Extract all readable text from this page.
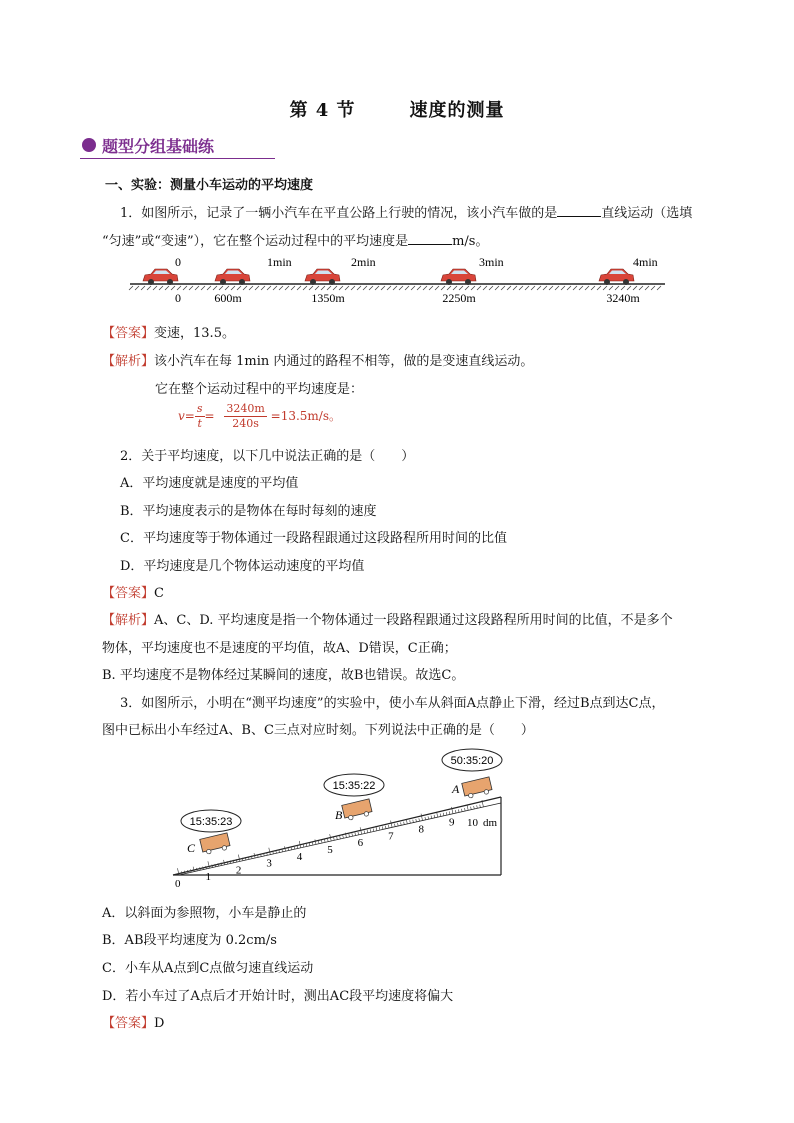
第 4 节	速度的测量
题型分组基础练
一、实验：测量小车运动的平均速度
1．如图所示，记录了一辆小汽车在平直公路上行驶的情况，该小汽车做的是	直线运动（选填
“匀速”或“变速”），它在整个运动过程中的平均速度是	m/s。
0	1min	2min	3min	4min
0	600m	1350m	2250m	3240m
【答案】变速，13.5。
【解析】该小汽车在每 1min 内通过的路程不相等，做的是变速直线运动。
它在整个运动过程中的平均速度是：
$v= \frac{s}{t} = \frac{3240m}{240s} =13.5m/s$。
2．关于平均速度，以下几中说法正确的是（　　）
A．平均速度就是速度的平均值
B．平均速度表示的是物体在每时每刻的速度
C．平均速度等于物体通过一段路程跟通过这段路程所用时间的比值
D．平均速度是几个物体运动速度的平均值
【答案】C
【解析】A、C、D. 平均速度是指一个物体通过一段路程跟通过这段路程所用时间的比值，不是多个
物体，平均速度也不是速度的平均值，故A、D错误，C正确；
B. 平均速度不是物体经过某瞬间的速度，故B也错误。故选C。
3．如图所示，小明在“测平均速度”的实验中，使小车从斜面A点静止下滑，经过B点到达C点，
图中已标出小车经过A、B、C三点对应时刻。下列说法中正确的是（　　）
0
1
2
3
4
5
6
7
8
9 10
C
B
A
15:35:23
15:35:22
50:35:20
dm
A．以斜面为参照物，小车是静止的
B．AB段平均速度为 0.2cm/s
C．小车从A点到C点做匀速直线运动
D．若小车过了A点后才开始计时，测出AC段平均速度将偏大
【答案】D
